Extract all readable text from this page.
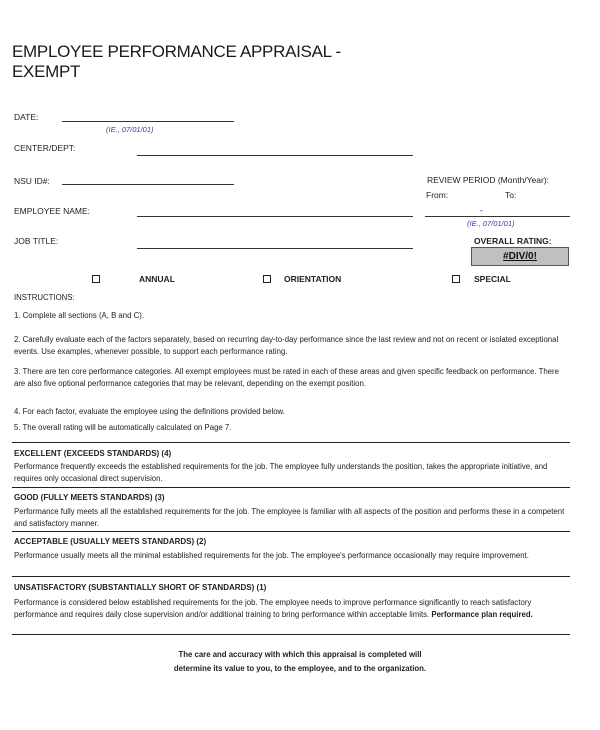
EMPLOYEE PERFORMANCE APPRAISAL -
EXEMPT
DATE:
(IE., 07/01/01)
CENTER/DEPT:
NSU ID#:
EMPLOYEE NAME:
JOB TITLE:
REVIEW PERIOD (Month/Year):
From:	To:
-
(IE., 07/01/01)
OVERALL RATING:
#DIV/0!
ANNUAL	ORIENTATION	SPECIAL
INSTRUCTIONS:
1. Complete all sections (A, B and C).
2. Carefully evaluate each of the factors separately, based on recurring day-to-day performance since the last review and not on recent or isolated exceptional events. Use examples, whenever possible, to support each performance rating.
3. There are ten core performance categories. All exempt employees must be rated in each of these areas and given specific feedback on performance. There are also five optional performance categories that may be relevant, depending on the exempt position.
4. For each factor, evaluate the employee using the definitions provided below.
5. The overall rating will be automatically calculated on Page 7.
EXCELLENT (EXCEEDS STANDARDS) (4)
Performance frequently exceeds the established requirements for the job. The employee fully understands the position, takes the appropriate initiative, and requires only occasional direct supervision.
GOOD (FULLY MEETS STANDARDS) (3)
Performance fully meets all the established requirements for the job. The employee is familiar with all aspects of the position and performs these in a competent and satisfactory manner.
ACCEPTABLE (USUALLY MEETS STANDARDS) (2)
Performance usually meets all the minimal established requirements for the job. The employee's performance occasionally may require improvement.
UNSATISFACTORY (SUBSTANTIALLY SHORT OF STANDARDS) (1)
Performance is considered below established requirements for the job. The employee needs to improve performance significantly to reach satisfactory performance and requires daily close supervision and/or additional training to bring performance within acceptable limits. Performance plan required.
The care and accuracy with which this appraisal is completed will
determine its value to you, to the employee, and to the organization.
